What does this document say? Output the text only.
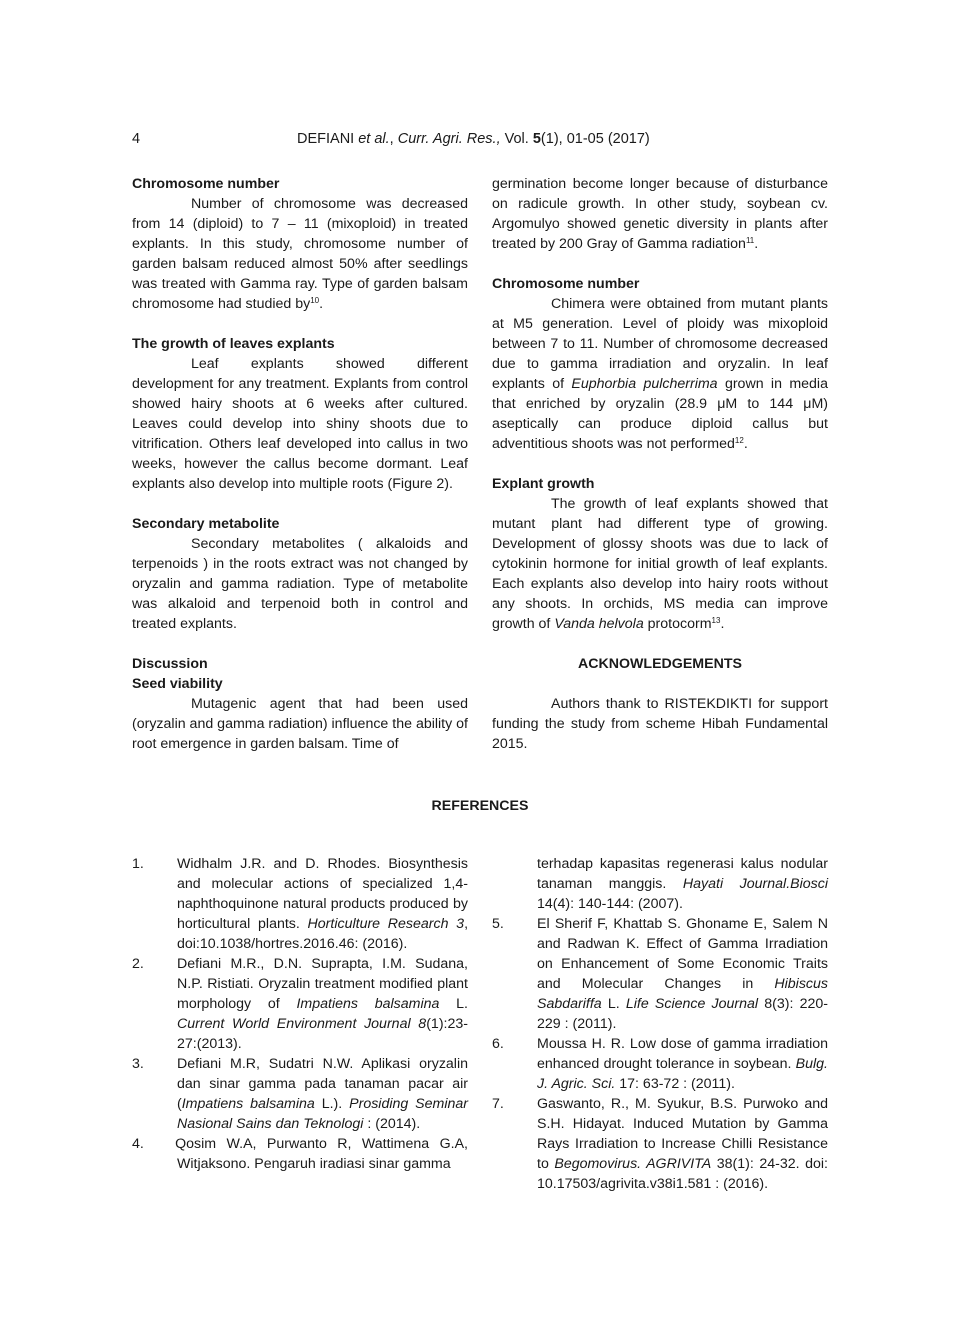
4	DEFIANI et al., Curr. Agri. Res., Vol. 5(1), 01-05 (2017)
Chromosome number

Number of chromosome was decreased from 14 (diploid) to 7 – 11 (mixoploid) in treated explants. In this study, chromosome number of garden balsam reduced almost 50% after seedlings was treated with Gamma ray. Type of garden balsam chromosome had studied $by^{10}$.

The growth of leaves explants

Leaf explants showed different development for any treatment. Explants from control showed hairy shoots at 6 weeks after cultured. Leaves could develop into shiny shoots due to vitrification. Others leaf developed into callus in two weeks, however the callus become dormant. Leaf explants also develop into multiple roots (Figure 2).

Secondary metabolite

Secondary metabolites ( alkaloids and terpenoids ) in the roots extract was not changed by oryzalin and gamma radiation. Type of metabolite was alkaloid and terpenoid both in control and treated explants.

Discussion
Seed viability

Mutagenic agent that had been used (oryzalin and gamma radiation) influence the ability of root emergence in garden balsam. Time of

germination become longer because of disturbance on radicule growth. In other study, soybean cv. Argomulyo showed genetic diversity in plants after treated by 200 Gray of Gamma radiation$^{11}$.

Chromosome number

Chimera were obtained from mutant plants at M5 generation. Level of ploidy was mixoploid between 7 to 11. Number of chromosome decreased due to gamma irradiation and oryzalin. In leaf explants of Euphorbia pulcherrima grown in media that enriched by oryzalin (28.9 μM to 144 μM) aseptically can produce diploid callus but adventitious shoots was not performed$^{12}$.

Explant growth

The growth of leaf explants showed that mutant plant had different type of growing. Development of glossy shoots was due to lack of cytokinin hormone for initial growth of leaf explants. Each explants also develop into hairy roots without any shoots. In orchids, MS media can improve growth of Vanda helvola protocorm$^{13}$.

ACKNOWLEDGEMENTS

Authors thank to RISTEKDIKTI for support funding the study from scheme Hibah Fundamental 2015.

REFERENCES
1. Widhalm J.R. and D. Rhodes. Biosynthesis and molecular actions of specialized 1,4-naphthoquinone natural products produced by horticultural plants. Horticulture Research 3, doi:10.1038/hortres.2016.46: (2016).
2. Defiani M.R., D.N. Suprapta, I.M. Sudana, N.P. Ristiati. Oryzalin treatment modified plant morphology of Impatiens balsamina L. Current World Environment Journal 8(1):23-27:(2013).
3. Defiani M.R, Sudatri N.W. Aplikasi oryzalin dan sinar gamma pada tanaman pacar air (Impatiens balsamina L.). Prosiding Seminar Nasional Sains dan Teknologi : (2014).
4. Qosim W.A, Purwanto R, Wattimena G.A, Witjaksono. Pengaruh iradiasi sinar gamma
terhadap kapasitas regenerasi kalus nodular tanaman manggis. Hayati Journal.Biosci 14(4): 140-144: (2007).
5. El Sherif F, Khattab S. Ghoname E, Salem N and Radwan K. Effect of Gamma Irradiation on Enhancement of Some Economic Traits and Molecular Changes in Hibiscus Sabdariffa L. Life Science Journal 8(3): 220-229 : (2011).
6. Moussa H. R. Low dose of gamma irradiation enhanced drought tolerance in soybean. Bulg. J. Agric. Sci. 17: 63-72 : (2011).
7. Gaswanto, R., M. Syukur, B.S. Purwoko and S.H. Hidayat. Induced Mutation by Gamma Rays Irradiation to Increase Chilli Resistance to Begomovirus. AGRIVITA 38(1): 24-32. doi: 10.17503/agrivita.v38i1.581 : (2016).
